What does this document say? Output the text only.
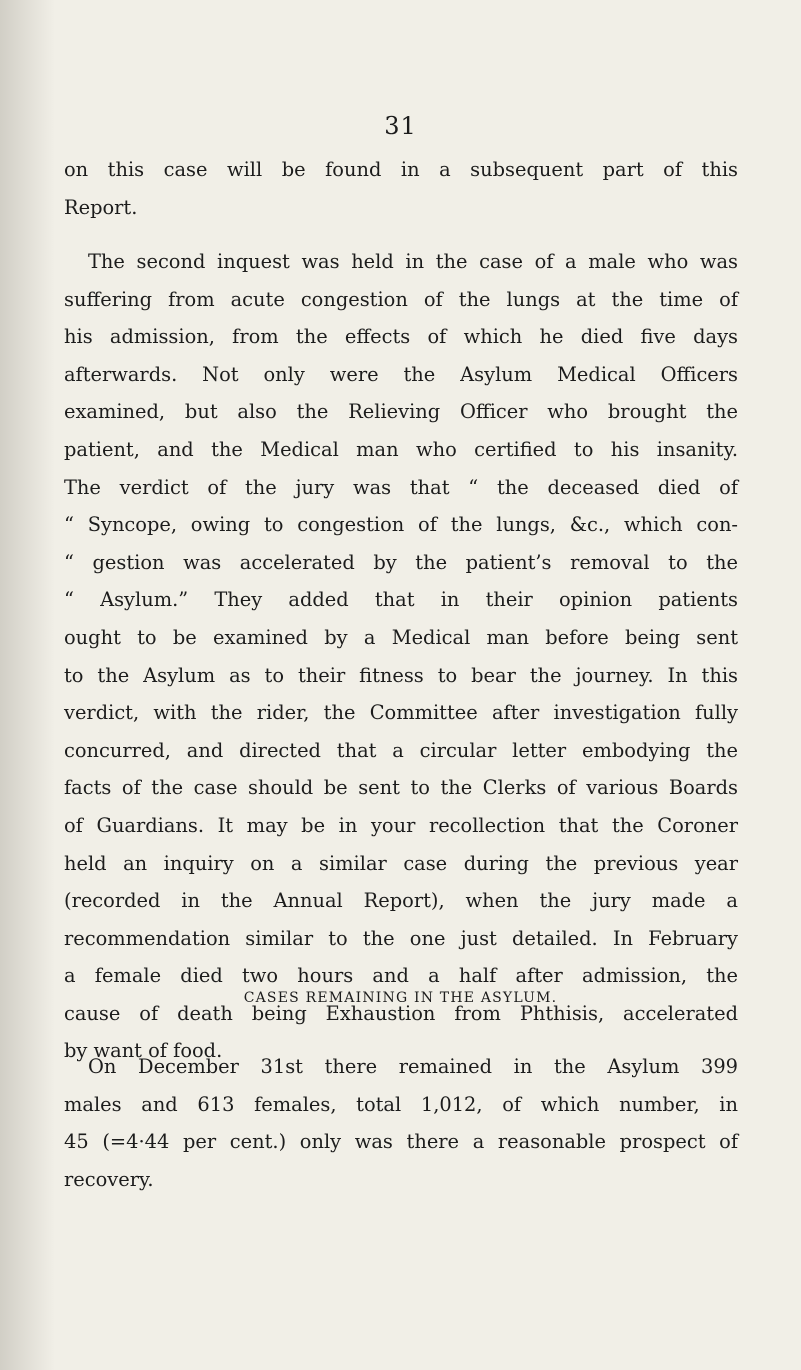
31
on this case will be found in a subsequent part of this
Report.
The second inquest was held in the case of a male who was
suffering from acute congestion of the lungs at the time of
his admission, from the effects of which he died five days
afterwards. Not only were the Asylum Medical Officers
examined, but also the Relieving Officer who brought the
patient, and the Medical man who certified to his insanity.
The verdict of the jury was that “ the deceased died of
“ Syncope, owing to congestion of the lungs, &c., which con-
“ gestion was accelerated by the patient’s removal to the
“ Asylum.” They added that in their opinion patients
ought to be examined by a Medical man before being sent
to the Asylum as to their fitness to bear the journey. In this
verdict, with the rider, the Committee after investigation fully
concurred, and directed that a circular letter embodying the
facts of the case should be sent to the Clerks of various Boards
of Guardians. It may be in your recollection that the Coroner
held an inquiry on a similar case during the previous year
(recorded in the Annual Report), when the jury made a
recommendation similar to the one just detailed. In February
a female died two hours and a half after admission, the
cause of death being Exhaustion from Phthisis, accelerated
by want of food.
CASES REMAINING IN THE ASYLUM.
On December 31st there remained in the Asylum 399
males and 613 females, total 1,012, of which number, in
45 (=4·44 per cent.) only was there a reasonable prospect of
recovery.
